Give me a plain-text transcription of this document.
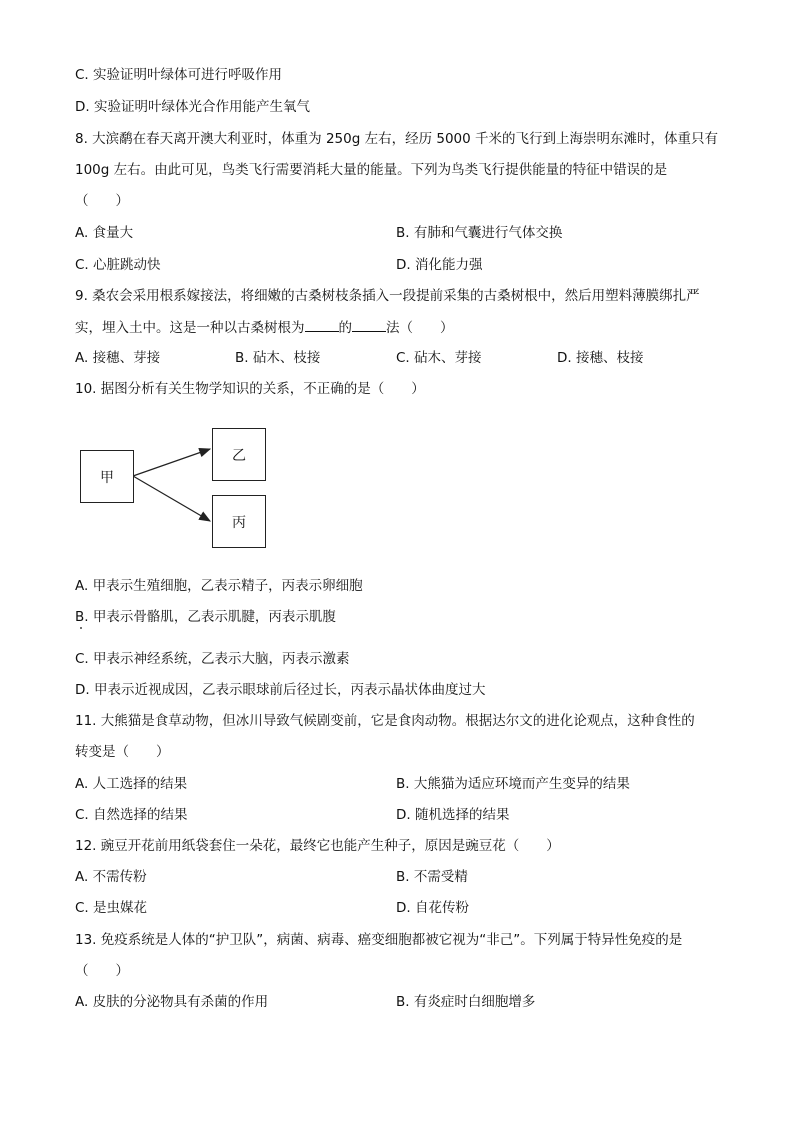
C. 实验证明叶绿体可进行呼吸作用
D. 实验证明叶绿体光合作用能产生氧气
8. 大滨鹬在春天离开澳大利亚时，体重为 250g 左右，经历 5000 千米的飞行到上海崇明东滩时，体重只有
100g 左右。由此可见，鸟类飞行需要消耗大量的能量。下列为鸟类飞行提供能量的特征中错误的是
（　　）
A. 食量大	B. 有肺和气囊进行气体交换
C. 心脏跳动快	D. 消化能力强
9. 桑农会采用根系嫁接法，将细嫩的古桑树枝条插入一段提前采集的古桑树根中，然后用塑料薄膜绑扎严
实，埋入土中。这是一种以古桑树根为	的	法（　　）
A. 接穗、芽接	B. 砧木、枝接	C. 砧木、芽接	D. 接穗、枝接
10. 据图分析有关生物学知识的关系，不正确的是（　　）
甲
乙
丙
A. 甲表示生殖细胞，乙表示精子，丙表示卵细胞
B. 甲表示骨骼肌，乙表示肌腱，丙表示肌腹
C. 甲表示神经系统，乙表示大脑，丙表示激素
D. 甲表示近视成因，乙表示眼球前后径过长，丙表示晶状体曲度过大
11. 大熊猫是食草动物，但冰川导致气候剧变前，它是食肉动物。根据达尔文的进化论观点，这种食性的
转变是（　　）
A. 人工选择的结果	B. 大熊猫为适应环境而产生变异的结果
C. 自然选择的结果	D. 随机选择的结果
12. 豌豆开花前用纸袋套住一朵花，最终它也能产生种子，原因是豌豆花（　　）
A. 不需传粉	B. 不需受精
C. 是虫媒花	D. 自花传粉
13. 免疫系统是人体的“护卫队”，病菌、病毒、癌变细胞都被它视为“非己”。下列属于特异性免疫的是
（　　）
A. 皮肤的分泌物具有杀菌的作用	B. 有炎症时白细胞增多
